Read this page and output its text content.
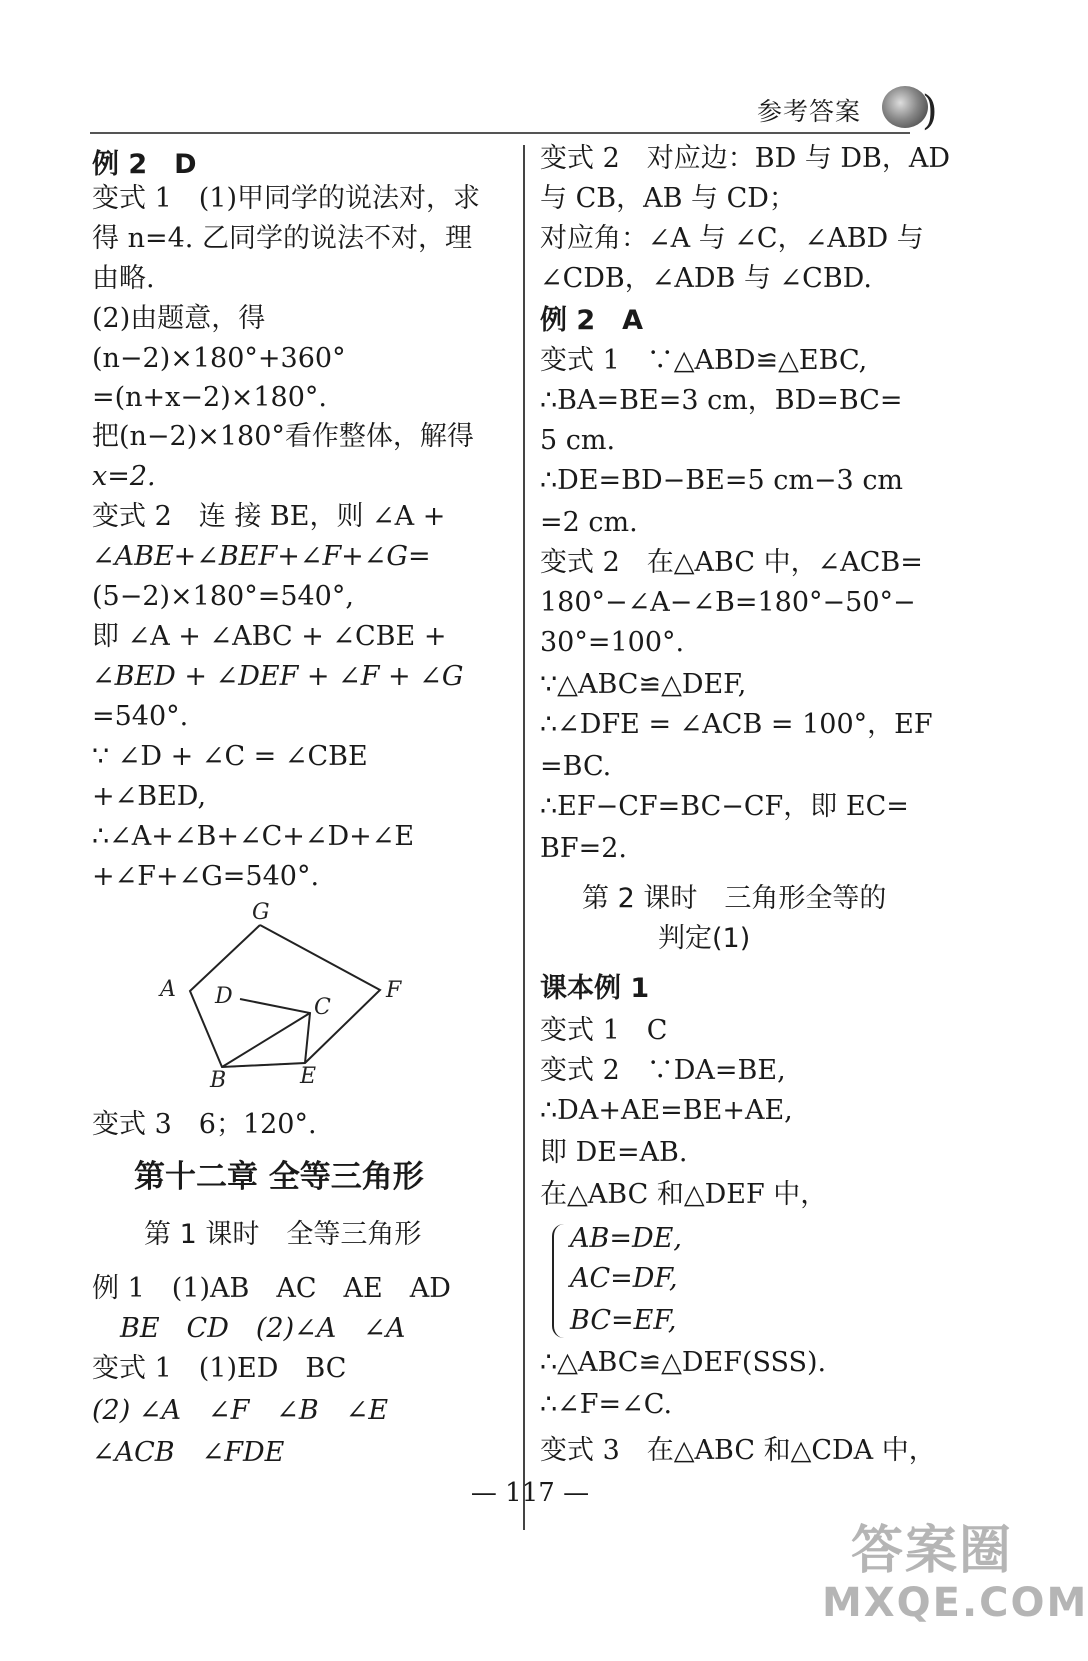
参考答案 )
例 2　D
变式 1　(1)甲同学的说法对，求
得 n=4. 乙同学的说法不对，理
由略.
(2)由题意，得
(n−2)×180°+360°
=(n+x−2)×180°.
把(n−2)×180°看作整体，解得
x=2.
变式 2　连 接 BE，则 ∠A +
∠ABE+∠BEF+∠F+∠G=
(5−2)×180°=540°,
即 ∠A + ∠ABC + ∠CBE +
∠BED + ∠DEF + ∠F + ∠G
=540°.
∵ ∠D + ∠C = ∠CBE
+∠BED,
∴∠A+∠B+∠C+∠D+∠E
+∠F+∠G=540°.
变式 3　6；120°.
第十二章 全等三角形
第 1 课时　全等三角形
例 1　(1)AB　AC　AE　AD
BE　CD　(2)∠A　∠A
变式 1　(1)ED　BC
(2) ∠A　∠F　∠B　∠E
∠ACB　∠FDE
G
A D	C
F
B	E
变式 2　对应边：BD 与 DB，AD
与 CB，AB 与 CD；
对应角：∠A 与 ∠C，∠ABD 与
∠CDB，∠ADB 与 ∠CBD.
例 2　A
变式 1　∵△ABD≌△EBC,
∴BA=BE=3 cm，BD=BC=
5 cm.
∴DE=BD−BE=5 cm−3 cm
=2 cm.
变式 2　在△ABC 中，∠ACB=
180°−∠A−∠B=180°−50°−
30°=100°.
∵△ABC≌△DEF,
∴∠DFE = ∠ACB = 100°，EF
=BC.
∴EF−CF=BC−CF，即 EC=
BF=2.
第 2 课时　三角形全等的
判定(1)
课本例 1
变式 1　C
变式 2　∵DA=BE,
∴DA+AE=BE+AE,
即 DE=AB.
在△ABC 和△DEF 中，
AB=DE,
AC=DF,
BC=EF,
∴△ABC≌△DEF(SSS).
∴∠F=∠C.
变式 3　在△ABC 和△CDA 中，
— 117 —
答案圈
MXQE.COM
